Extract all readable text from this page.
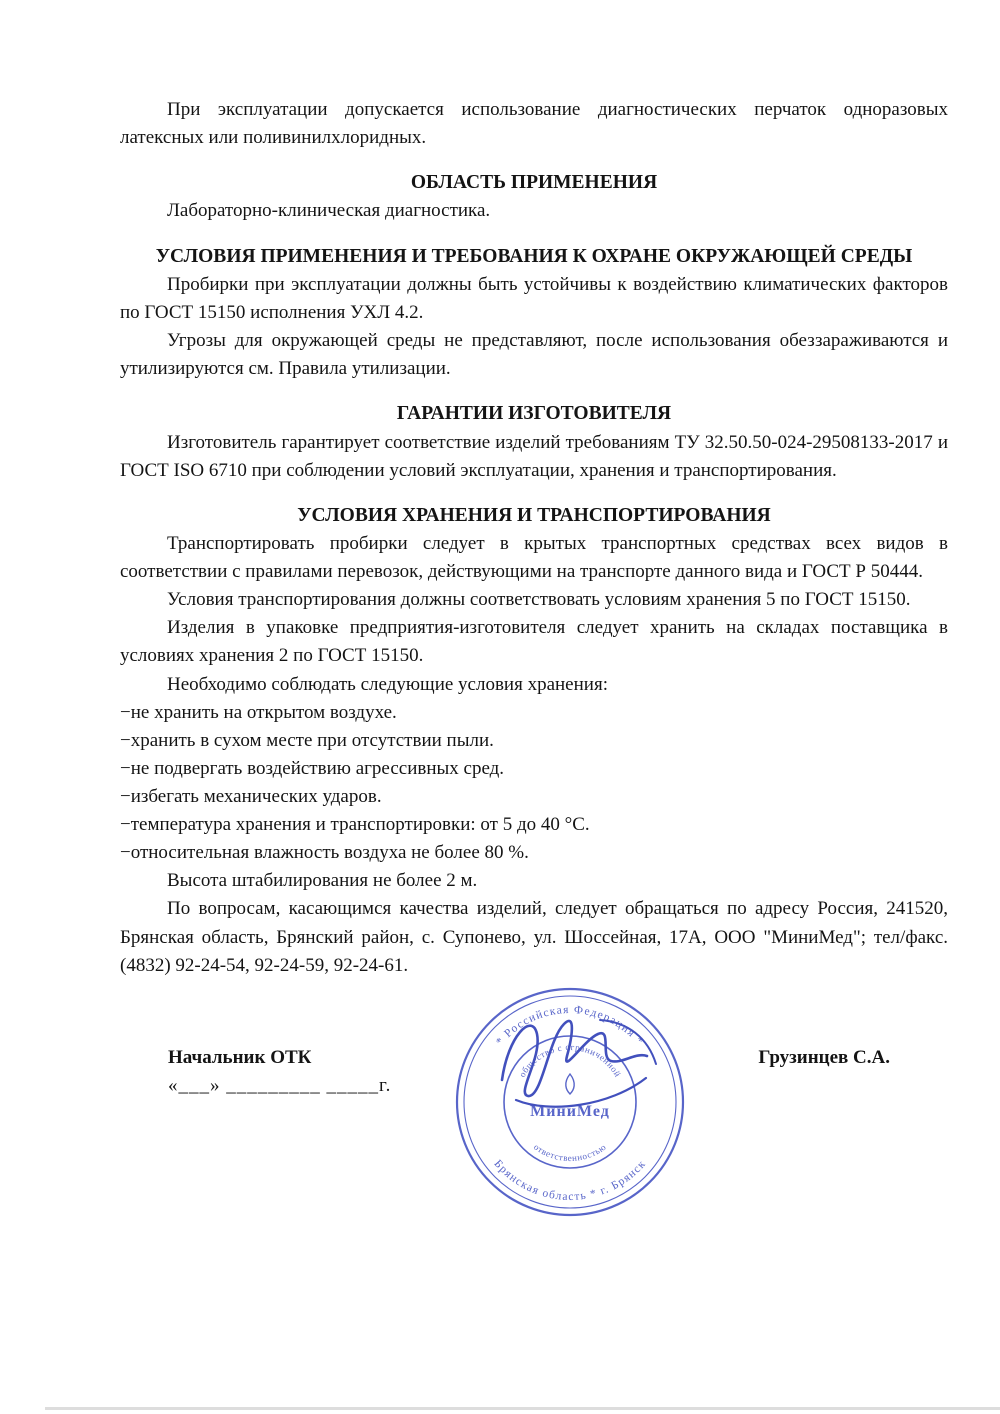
При эксплуатации допускается использование диагностических перчаток одноразовых латексных или поливинилхлоридных.

ОБЛАСТЬ ПРИМЕНЕНИЯ

Лабораторно-клиническая диагностика.

УСЛОВИЯ ПРИМЕНЕНИЯ И ТРЕБОВАНИЯ К ОХРАНЕ ОКРУЖАЮЩЕЙ СРЕДЫ

Пробирки при эксплуатации должны быть устойчивы к воздействию климатических факторов по ГОСТ 15150 исполнения УХЛ 4.2.

Угрозы для окружающей среды не представляют, после использования обеззараживаются и утилизируются см. Правила утилизации.

ГАРАНТИИ ИЗГОТОВИТЕЛЯ

Изготовитель гарантирует соответствие изделий требованиям ТУ 32.50.50-024-29508133-2017 и ГОСТ ISO 6710 при соблюдении условий эксплуатации, хранения и транспортирования.

УСЛОВИЯ ХРАНЕНИЯ И ТРАНСПОРТИРОВАНИЯ

Транспортировать пробирки следует в крытых транспортных средствах всех видов в соответствии с правилами перевозок, действующими на транспорте данного вида и ГОСТ Р 50444.

Условия транспортирования должны соответствовать условиям хранения 5 по ГОСТ 15150.

Изделия в упаковке предприятия-изготовителя следует хранить на складах поставщика в условиях хранения 2 по ГОСТ 15150.

Необходимо соблюдать следующие условия хранения:

−не хранить на открытом воздухе.

−хранить в сухом месте при отсутствии пыли.

−не подвергать воздействию агрессивных сред.

−избегать механических ударов.

−температура хранения и транспортировки: от 5 до 40 °С.

−относительная влажность воздуха не более 80 %.

Высота штабилирования не более 2 м.

По вопросам, касающимся качества изделий, следует обращаться по адресу Россия, 241520, Брянская область, Брянский район, с. Супонево, ул. Шоссейная, 17А, ООО "МиниМед"; тел/факс. (4832) 92-24-54, 92-24-59, 92-24-61.

Начальник ОТК

«___» _________ _____г.

* Российская Федерация *
Брянская область * г. Брянск
общество с ограниченной
ответственностью
МиниМед
Грузинцев С.А.
